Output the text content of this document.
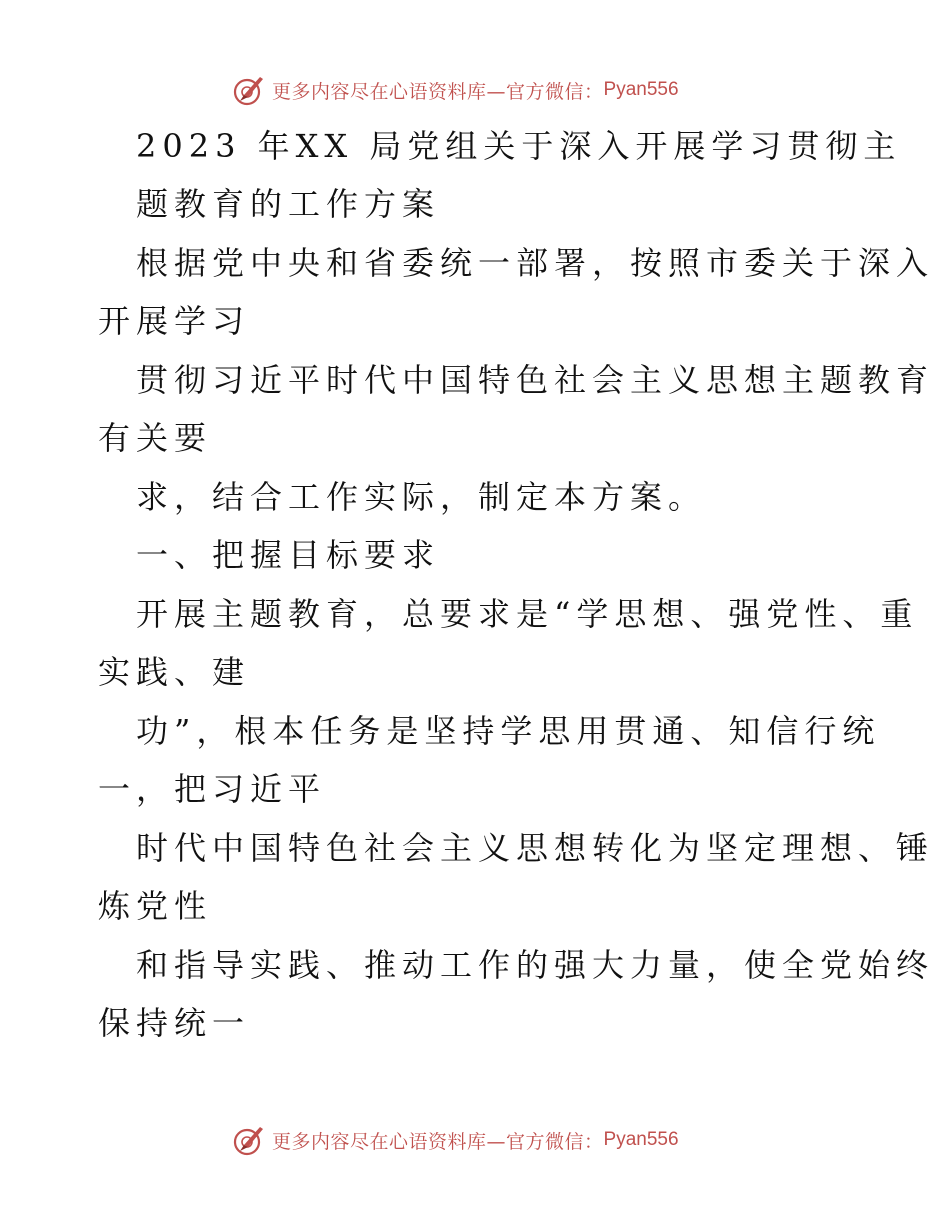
更多内容尽在心语资料库—官方微信： Pyan556
2023 年XX 局党组关于深入开展学习贯彻主
题教育的工作方案
根据党中央和省委统一部署，按照市委关于深入
开展学习
贯彻习近平时代中国特色社会主义思想主题教育
有关要
求，结合工作实际，制定本方案。
一、把握目标要求
开展主题教育，总要求是“学思想、强党性、重
实践、建
功”，根本任务是坚持学思用贯通、知信行统
一，把习近平
时代中国特色社会主义思想转化为坚定理想、锤
炼党性
和指导实践、推动工作的强大力量，使全党始终
保持统一
更多内容尽在心语资料库—官方微信： Pyan556
